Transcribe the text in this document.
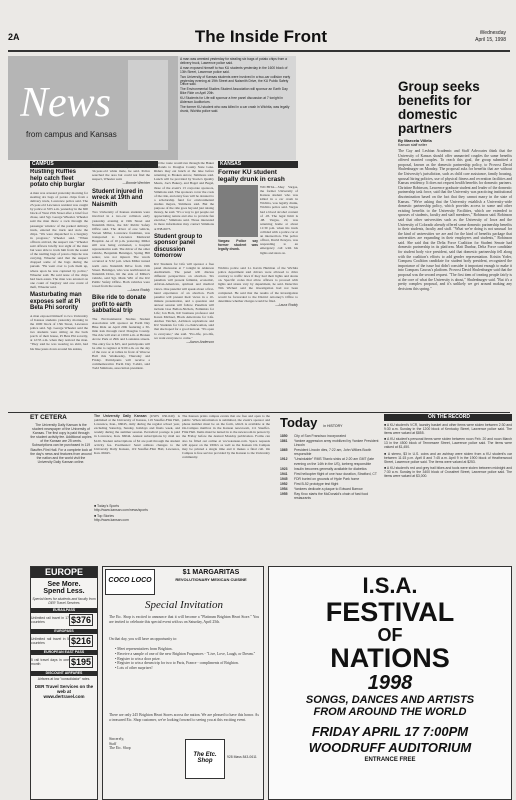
2A	The Inside Front	Wednesday
April 15, 1998
News
from campus and Kansas
A man was arrested yesterday for stealing six bags of potato chips from a delivery truck, Lawrence police said.
A man exposed himself to two KU students yesterday in the 1600 block of 13th Street, Lawrence police said.
Two University of Kansas students were involved in a two-car collision early yesterday evening at 19th Street and Naismith Drive, the KU Public Safety Office said.
The Environmental Studies Student Association will sponsor an Earth Day Bike Ride on April 20th.
KU Students for Life will sponsor a free panel discussion at 7 tonight in Alderson Auditorium.
The former KU student who was killed in a car crash in Wichita, was legally drunk, Wichita police said.
CAMPUS
Rustling Ruffles help catch fleet potato chip burglar
A man was arrested yesterday morning for stealing six bags of potato chips from a delivery truck, Lawrence police said. The 23-year-old Lawrence resident was caught by police at 3:05 a.m. yesterday in the 600 block of West 25th Street after a brief foot chase, said Sgt. George Wheeler. Wheeler said the man threw a rock through the passenger window of the parked delivery truck, entered the truck and stole the chips. "We were dispatched to a burglary in progress," Wheeler said. "When officers arrived, the suspect ran." Wheeler said officers briefly lost sight of the man but were able to track him from the sound of the rustling bags of potato chips he was carrying. Wheeler said that the suspect dropped some of the bags during the pursuit. "He went over to jock them up, where upon he was captured by police," Wheeler said. He said none of the chips had been eaten. The man was arrested on one count of burglary and one count of theft, Wheeler said.
Masturbating man exposes self at Pi Beta Phi sorority
A man exposed himself to two University of Kansas students yesterday morning in the 1600 block of 13th Street, Lawrence police said. Sgt. George Wheeler said the two students were sitting on the back porch of their house, Pi Beta Phi sorority, at 12:35 a.m. when they noticed the man. "They said he was wearing no shirt, had his blue jeans down around his ankles,
and was masturbating," Wheeler said. The victims described the suspect as a 20- to 34-year-old white male, he said. Police searched the area but could not find the suspect, Wheeler said.
—Bonnie Wechter
Student injured in wreck at 19th and Naismith
Two University of Kansas students were involved in a two-car collision early yesterday evening at 19th Street and Naismith Drive, the KU Public Safety Office said. The driver of one vehicle, Steven Miller, Lawrence freshman, was transported to Lawrence Memorial Hospital. As of 10 p.m. yesterday, Miller still was being evaluated, a hospital representative said. The driver of the other vehicle, Benjamin Betsinger, Spring Hill senior, was not injured. The wreck occurred at 5:32 p.m. when Miller turned north onto Naismith Drive from 19th Street. Betsinger, who was northbound on Naismith Drive, hit the side of Miller's vehicle, said Sgt. Mark Witt of the KU Public Safety Office. Both vehicles were towed from the scene.
—Laura Roddy
Bike ride to donate profit to earth sabbatical trip
The Environmental Studies Student Association will sponsor an Earth Day Bike Ride on April 20th featuring a 30-mile trek through rural Douglas County. The ride will start at 10:00 a.m. at Broken Arrow Park at 29th and Louisiana streets. The entry fee is $25, and participants will be able to register at 9:00 a.m. on the day of the race or at tables in front of Wescoe Hall this Wednesday, Thursday and Friday. Participants will receive a commemorative Earth Day T-shirt, said Todd Simmons, association president.
said the route would run through the Baker Wetlands to Douglas County State Lake. Riders may eat lunch at the lake before returning to Broken Arrow, Simmons said. Lunch will be provided by Stacie's Quality Meats, Joe's Bakery, and Bagel and Bagel, three of the event's 13 corporate sponsors, Simmons said. The sponsors cover the costs of the ride, and entry fees will be donated to a scholarship fund for environmental studies majors, Simmons said. But the purpose of the ride goes beyond just raising money, he said. "It's a way to get people out appreciating nature and also to provide fun exercise," Simmons said. Those interested in more information may contact Simmons at 838-6673.
Student group to sponsor panel discussion tomorrow
KU Students for Life will sponsor a free panel discussion at 7 tonight in Alderson Auditorium. The panel will discuss different perspectives on abortion. Six panelists will present feminist, economic, African-American, spiritual and medical views. One panelist will speak about a first-hand experience of an abortion. Each panelist will present their views in a 10-minute presentation, and a question and answer session will follow. Panelists will include Lisa Bellon-Nichols, Feminists for Life; Jon Bolz, KU business professor and Karen Michael, Black Americans for Life. Andrea Vatcher, Atchison sophomore and KU Students for Life co-chairwoman, said that she hoped for a good turnout. "It's open to everyone," she said. "Pro-life, pro-life, we want everyone to come."
—Aaron Anderson
KANSAS
Former KU student legally drunk in crash
Vargas: Police say former student was legally drunk.
WICHITA—Shay Vargas, the former University of Kansas student who was killed in a car crash in Wichita, was legally drunk, Wichita police said. Vargas had a blood alcohol content of .18. The legal limit is .08. Vargas, 22, was returning home at about 11:30 p.m. when his truck collided with a police car at an intersection. The police officer, David Pereyra, was responding to an emergency call with his lights and siren on.
Wichita police said Lt. Kevin Hartman of the Wichita police department said drivers were allowed to drive contrary to traffic laws if they had their lights and sirens on. Specific codes that allow officers to proceed with lights and sirens vary by department, he said. Detective Tim Wichert said the investigation had not been completed. He said that the results of the investigation would be forwarded to the District Attorney's Office to determine whether charges would be filed.
—Laura Roddy
Group seeks benefits for domestic partners
By Marcela Villela
Kansan staff writer
The Gay and Lesbian Academic and Staff Advocates think that the University of Kansas should offer unmarried couples the same benefits offered married couples. To reach this goal, the group submitted a proposal, known as the domestic partnership policy, to Provost David Shulenburger on Monday. The proposal asks for benefits that are without the University's jurisdiction, such as child care assistance, family housing, spousal hiring policies, use of physical fitness and recreation facilities and Kansas residency. It does not request health benefits for domestic partners. Christine Robinson, Lawrence graduate student and leader of the domestic partnership task force, said that the University was practicing institutional discrimination based on the fact that they cannot marry in the state of Kansas. "We're asking that the University establish a University-wide domestic partnership policy, which provides access to some and other existing benefits to the University Facilities, which are extended to spouses of students, faculty and staff members," Robinson said. Robinson said that other universities such as the University of Iowa and the University of Colorado already offered some domestic partnership benefits to their students, faculty and staff. "What we're doing is not unusual for the kind of universities we are and for the kind of benefits package that universities are expanding in their employees and students," Robinson said. She said that the Delta Force Coalition for Student Senate had domestic partnership in its platform. Matt Dunbar, Delta Force candidate for student body vice president, said that domestic partnership fell along with the coalition's efforts to add gender representation. Kristin Yoder, Compass Coalition candidate for student body president, recognized the importance of the issue but didn't consider it important enough to make it into Compass Caucus's platform. Provost David Shulenburger said that the proposal was the second request. "The first item of treating people fairly is at the core of what the University is about," Shulenburger said. "But it's a pretty complex proposal, and it's unlikely we get around making any decisions this spring."
ET CETERA
The University Daily Kansan is the student newspaper of the University of Kansas. The first copy is paid through the student activity fee. Additional copies of the Kansan are 25 cents. Subscriptions can be purchased in 119 Stauffer-Flint Hall. For a complete look at the day's news and features from around the nation and the world visit the University Daily Kansan online.
The University Daily Kansan (USPS 650-640) is published at the University of Kansas, 119 Stauffer-Flint Hall, Lawrence, Kan., 66045, daily during the regular school year, excluding Saturday, Sunday, holidays and finals week, and weekly during the summer session. Periodical postage is paid in Lawrence, Kan. 66044. Annual subscriptions by mail are $120. Student subscriptions of $2 are paid through the student activity fee. Postmaster: Send address changes to the University Daily Kansan, 119 Stauffer-Flint Hall, Lawrence, Kan. 66045.
■ Today's Sports
http://www.kansan.com/news/sports
■ Top Stories
http://www.kansan.com
The Kansan prints campus events that are free and open to the public. When information is submitted, the event's sponsor and phone number must be on the form, which is available at the On-Campus mailbox in the Kansan newsroom, 111 Stauffer-Flint Hall. Items must be turned in to the newsroom in person by the Friday before the desired Monday publication. Forms can also be filled out online at www.kansan.com. Space requests will appear on the UDK's as well as the Kansan On Campus may be printed a single time and it makes a final call. On Campus is free service provided by the Kansan to the University community.
Today in HISTORY
1850	City of San Francisco incorporated
1861	Yankee aggression army mobilized by Yankee President Lincoln
1865	President Lincoln dies, 7:22 am, John Wilkes Booth responsible
1912	"Unsinkable" RMS Titanic sinks at 2:20 am GMT (late evening on the 14th in the US), iceberg responsible
1923	Insulin becomes generally available for diabetics
1941	First helicopter flight of one hour duration, Stratford, CT
1945	FDR buried on grounds of Hyde Park home
1952	First B-52 prototype test flight
1954	Yankees dedicate a plaque to Edward Barrow
1955	Ray Kroc starts the McDonald's chain of fast food restaurants
ON THE RECORD
■ A KU student's VCR, laundry basket and other items were stolen between 2:30 and 9:30 a.m. Sunday in the 1200 block of Kentucky Street, Lawrence police said. The items were valued at $855.
■ A KU student's personal items were stolen between noon Feb. 20 and noon March 13 in the 4500 block of Tennessee Street, Lawrence police said. The items were valued at $1,450.
■ A stereo, $3 in U.S. coins and an ashtray were stolen from a KU student's car between 11:15 p.m. April 8 and 7:45 a.m. April 9 in the 1900 block of Heatherwood Street, Lawrence police said. The items were valued at $253.
■ A KU student's red and grey trail bikes and tools were stolen between midnight and 7:30 a.m. Sunday in the 3400 block of Crossfeet Street, Lawrence police said. The items were valued at $3,000.
EUROPE
See More.
Spend Less.
Special fares for students and faculty from DER Travel Services
EURAILPASS
Unlimited rail travel in 17 countries	$376
EUROPASS
Unlimited rail travel in 5 countries	$216
EUROPEAN EAST PASS
5 rail travel days in one month	$195
DISCOUNT AIRFARES
Airfares at low "consolidator" rates.
DER Travel Services on the web at
www.dertravel.com
COCO LOCO
$1 MARGARITAS
REVOLUTIONARY MEXICAN CUISINE
Special Invitation
The Etc. Shop is excited to announce that it will become a "Platinum Brighton Heart Store." You are invited to celebrate this special event with us on Saturday, April 25th.
On that day, you will have an opportunity to:
• Meet representatives from Brighton.
• Receive a sample of one of the new Brighton Fragrances - "Live, Love, Laugh, or Dream."
• Register to win a door prize.
• Register to win a dream trip for two to Paris, France - compliments of Brighton.
• Lots of other surprises!
There are only 245 Brighton Heart Stores across the nation. We are pleased to have this honor. As a treasured Etc. Shop customer, we're looking forward to seeing you at this exciting event.
Sincerely,
Staff
The Etc. Shop
The Etc. Shop
928 Mass 843-0611
I.S.A.
FESTIVAL
OF
NATIONS
1998
SONGS, DANCES AND ARTISTS
FROM AROUND THE WORLD
FRIDAY APRIL 17 7:00PM
WOODRUFF AUDITORIUM
ENTRANCE FREE
